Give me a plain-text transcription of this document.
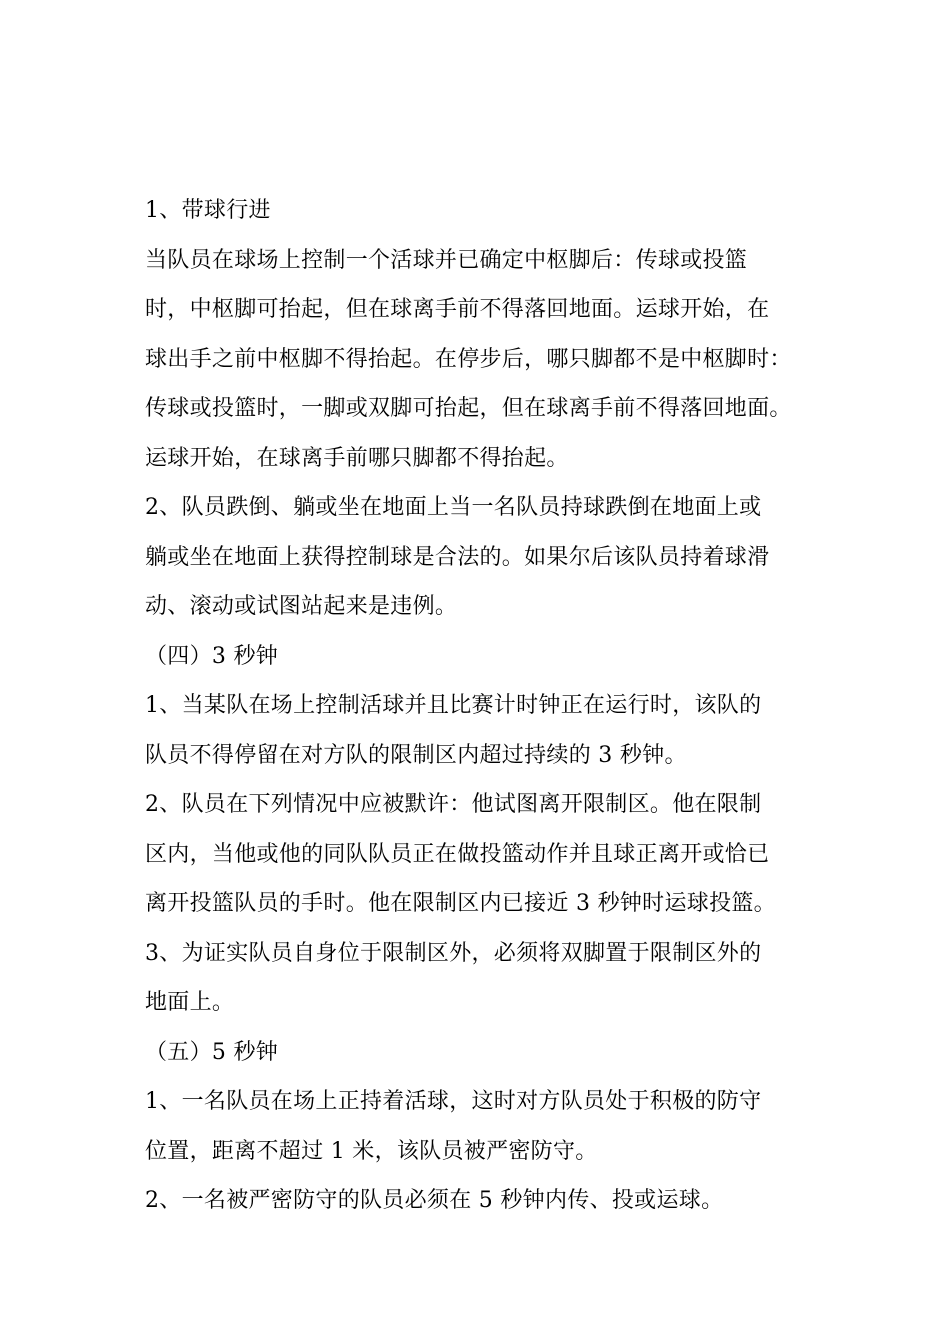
1、带球行进
当队员在球场上控制一个活球并已确定中枢脚后：传球或投篮
时，中枢脚可抬起，但在球离手前不得落回地面。运球开始，在
球出手之前中枢脚不得抬起。在停步后，哪只脚都不是中枢脚时：
传球或投篮时，一脚或双脚可抬起，但在球离手前不得落回地面。
运球开始，在球离手前哪只脚都不得抬起。
2、队员跌倒、躺或坐在地面上当一名队员持球跌倒在地面上或
躺或坐在地面上获得控制球是合法的。如果尔后该队员持着球滑
动、滚动或试图站起来是违例。
（四）3 秒钟
1、当某队在场上控制活球并且比赛计时钟正在运行时，该队的
队员不得停留在对方队的限制区内超过持续的 3 秒钟。
2、队员在下列情况中应被默许：他试图离开限制区。他在限制
区内，当他或他的同队队员正在做投篮动作并且球正离开或恰已
离开投篮队员的手时。他在限制区内已接近 3 秒钟时运球投篮。
3、为证实队员自身位于限制区外，必须将双脚置于限制区外的
地面上。
（五）5 秒钟
1、一名队员在场上正持着活球，这时对方队员处于积极的防守
位置，距离不超过 1 米，该队员被严密防守。
2、一名被严密防守的队员必须在 5 秒钟内传、投或运球。
